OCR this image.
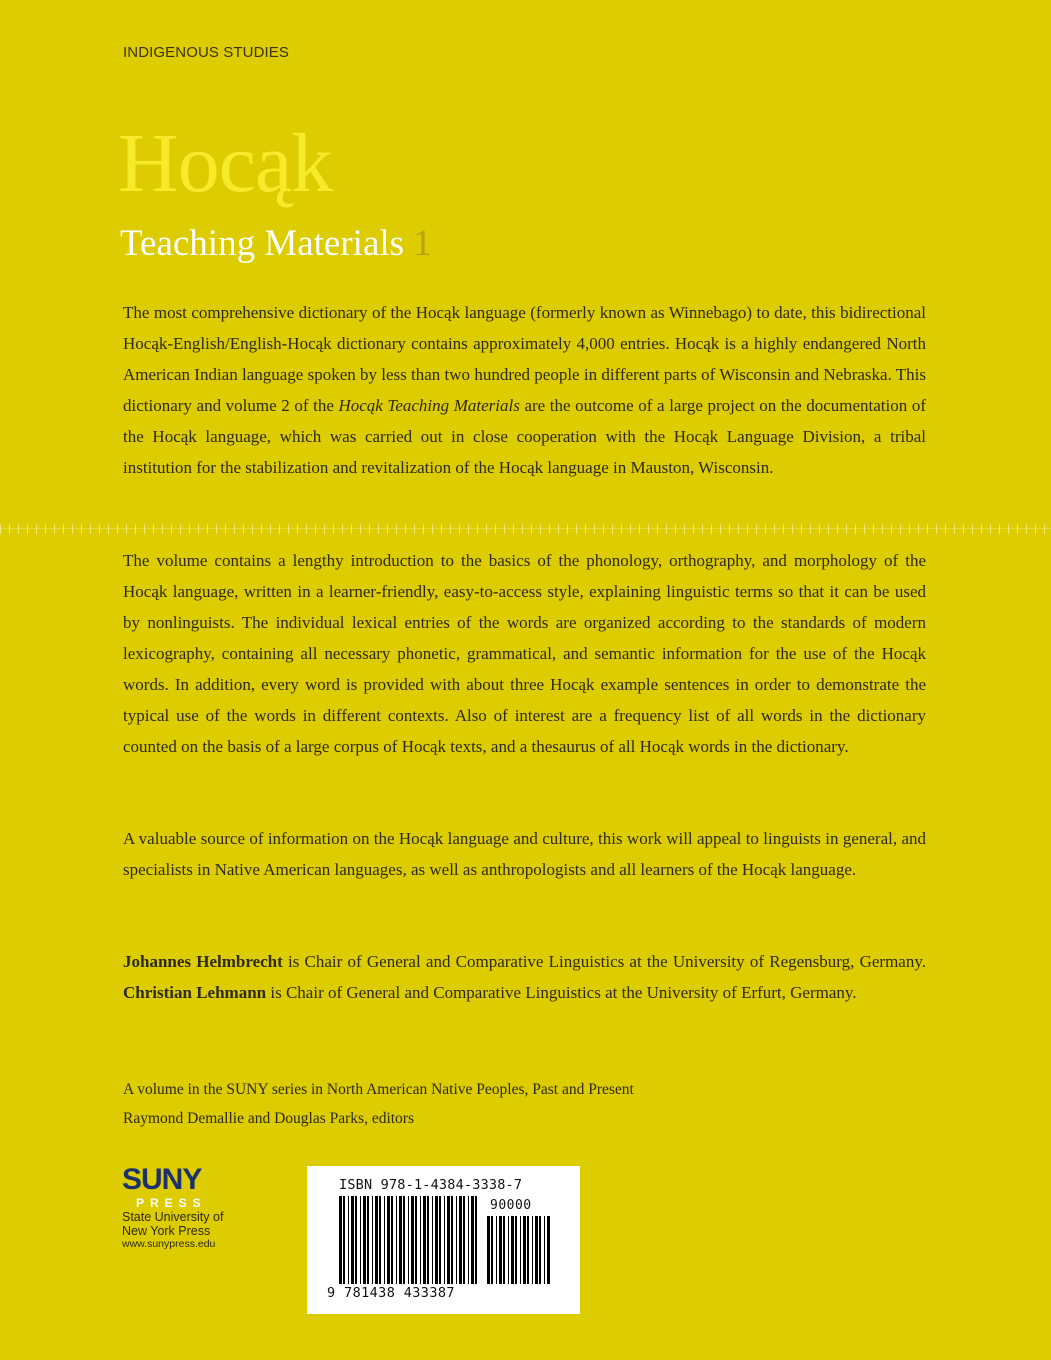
INDIGENOUS STUDIES
Hocąk
Teaching Materials 1

The most comprehensive dictionary of the Hocąk language (formerly known as Winnebago) to date, this bidirectional Hocąk-English/English-Hocąk dictionary contains approximately 4,000 entries. Hocąk is a highly endangered North American Indian language spoken by less than two hundred people in different parts of Wisconsin and Nebraska. This dictionary and volume 2 of the Hocąk Teaching Materials are the outcome of a large project on the documentation of the Hocąk language, which was carried out in close cooperation with the Hocąk Language Division, a tribal institution for the stabilization and revitalization of the Hocąk language in Mauston, Wisconsin.

The volume contains a lengthy introduction to the basics of the phonology, orthography, and morphology of the Hocąk language, written in a learner-friendly, easy-to-access style, explaining linguistic terms so that it can be used by nonlinguists. The individual lexical entries of the words are organized according to the standards of modern lexicography, containing all necessary phonetic, grammatical, and semantic information for the use of the Hocąk words. In addition, every word is provided with about three Hocąk example sentences in order to demonstrate the typical use of the words in different contexts. Also of interest are a frequency list of all words in the dictionary counted on the basis of a large corpus of Hocąk texts, and a thesaurus of all Hocąk words in the dictionary.

A valuable source of information on the Hocąk language and culture, this work will appeal to linguists in general, and specialists in Native American languages, as well as anthropologists and all learners of the Hocąk language.

Johannes Helmbrecht is Chair of General and Comparative Linguistics at the University of Regensburg, Germany. Christian Lehmann is Chair of General and Comparative Linguistics at the University of Erfurt, Germany.

A volume in the SUNY series in North American Native Peoples, Past and Present
Raymond Demallie and Douglas Parks, editors
SUNY
PRESS
State University of
New York Press
www.sunypress.edu
ISBN 978-1-4384-3338-7
90000
9 781438 433387
